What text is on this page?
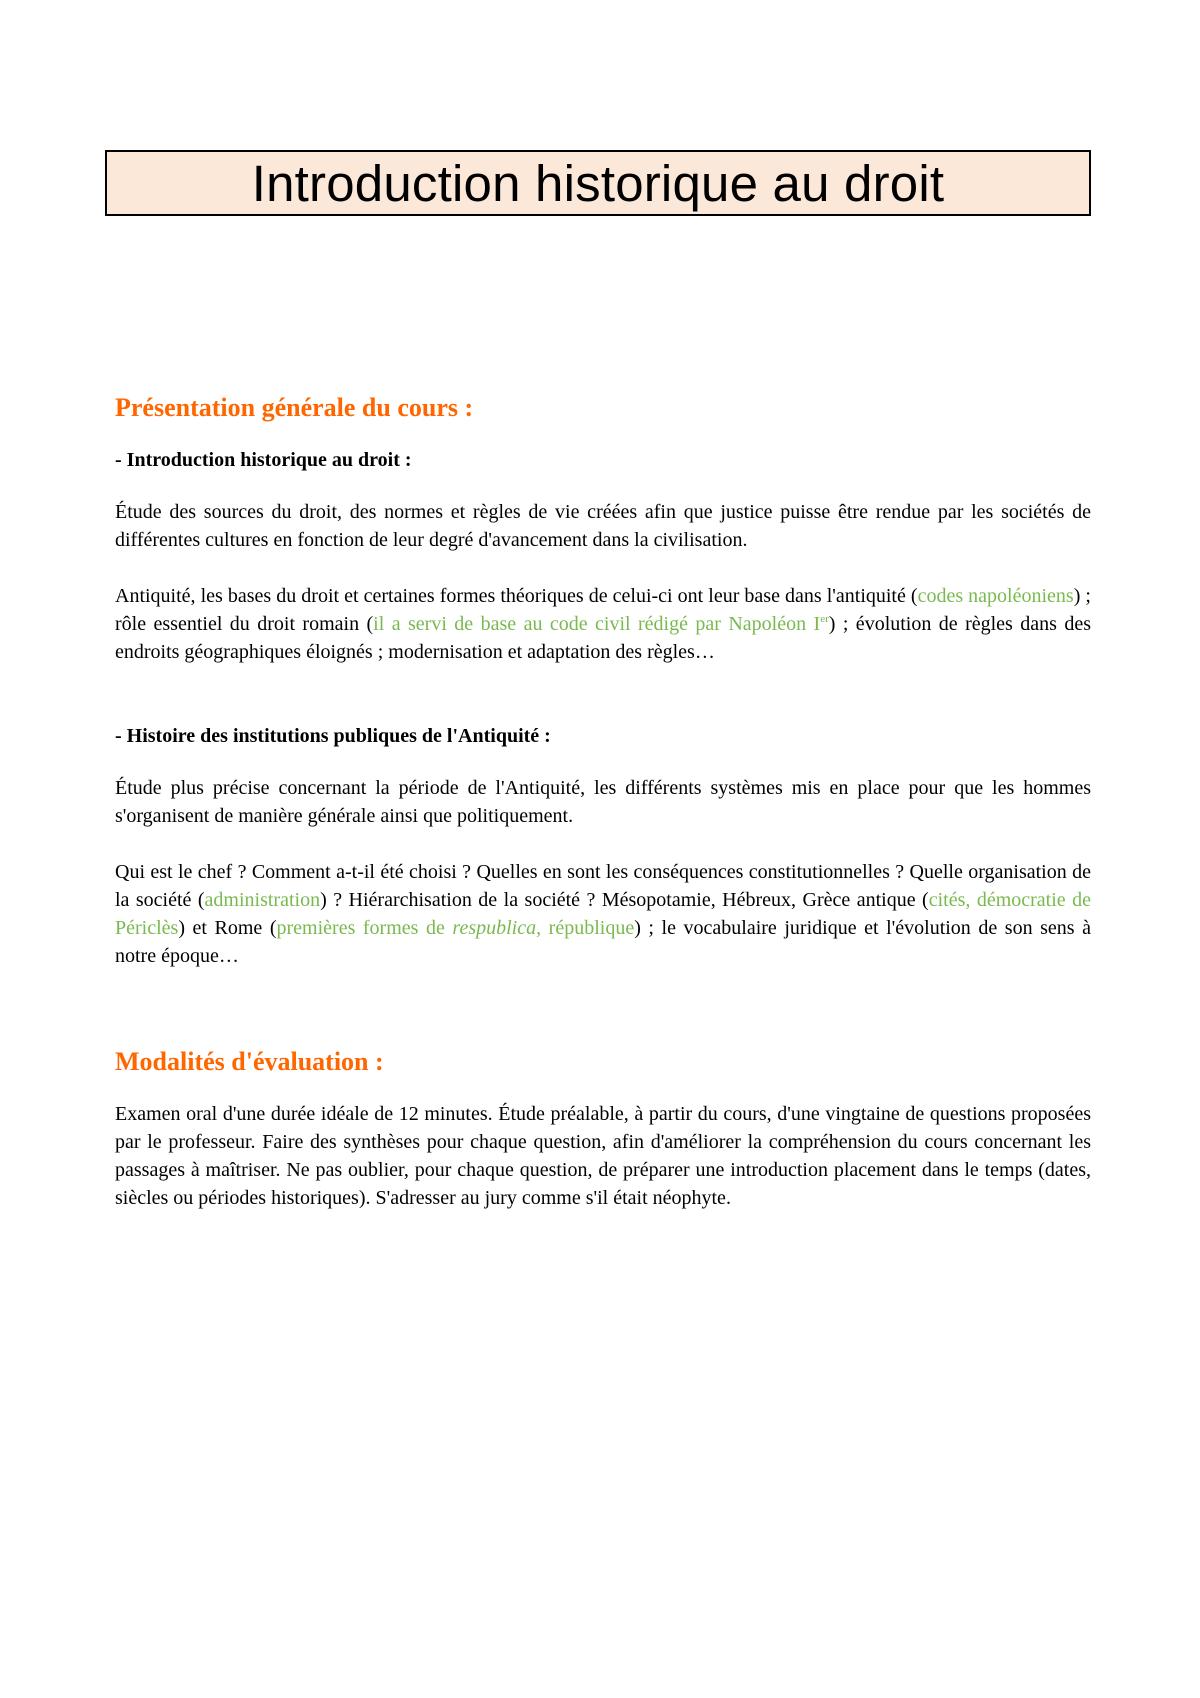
Introduction historique au droit
Présentation générale du cours :
- Introduction historique au droit :

Étude des sources du droit, des normes et règles de vie créées afin que justice puisse être rendue par les sociétés de différentes cultures en fonction de leur degré d'avancement dans la civilisation.

Antiquité, les bases du droit et certaines formes théoriques de celui-ci ont leur base dans l'antiquité (codes napoléoniens) ; rôle essentiel du droit romain (il a servi de base au code civil rédigé par Napoléon Ier) ; évolution de règles dans des endroits géographiques éloignés ; modernisation et adaptation des règles…

- Histoire des institutions publiques de l'Antiquité :

Étude plus précise concernant la période de l'Antiquité, les différents systèmes mis en place pour que les hommes s'organisent de manière générale ainsi que politiquement.

Qui est le chef ? Comment a-t-il été choisi ? Quelles en sont les conséquences constitutionnelles ? Quelle organisation de la société (administration) ? Hiérarchisation de la société ? Mésopotamie, Hébreux, Grèce antique (cités, démocratie de Périclès) et Rome (premières formes de respublica, république) ; le vocabulaire juridique et l'évolution de son sens à notre époque…

Modalités d'évaluation :

Examen oral d'une durée idéale de 12 minutes. Étude préalable, à partir du cours, d'une vingtaine de questions proposées par le professeur. Faire des synthèses pour chaque question, afin d'améliorer la compréhension du cours concernant les passages à maîtriser. Ne pas oublier, pour chaque question, de préparer une introduction placement dans le temps (dates, siècles ou périodes historiques). S'adresser au jury comme s'il était néophyte.
